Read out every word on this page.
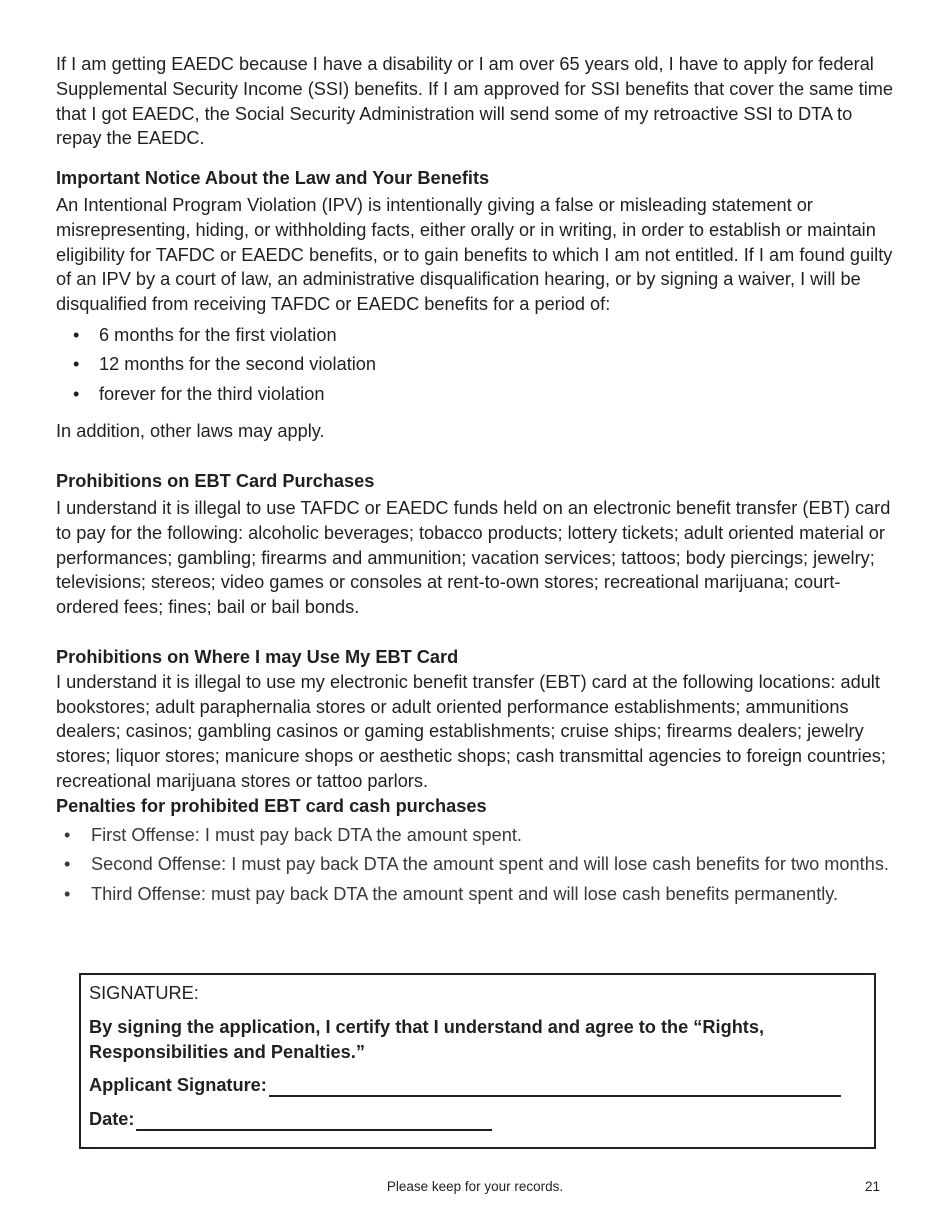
If I am getting EAEDC because I have a disability or I am over 65 years old, I have to apply for federal Supplemental Security Income (SSI) benefits. If I am approved for SSI benefits that cover the same time that I got EAEDC, the Social Security Administration will send some of my retroactive SSI to DTA to repay the EAEDC.

Important Notice About the Law and Your Benefits

An Intentional Program Violation (IPV) is intentionally giving a false or misleading statement or misrepresenting, hiding, or withholding facts, either orally or in writing, in order to establish or maintain eligibility for TAFDC or EAEDC benefits, or to gain benefits to which I am not entitled. If I am found guilty of an IPV by a court of law, an administrative disqualification hearing, or by signing a waiver, I will be disqualified from receiving TAFDC or EAEDC benefits for a period of:

• 6 months for the first violation
• 12 months for the second violation
• forever for the third violation

In addition, other laws may apply.

Prohibitions on EBT Card Purchases

I understand it is illegal to use TAFDC or EAEDC funds held on an electronic benefit transfer (EBT) card to pay for the following: alcoholic beverages; tobacco products; lottery tickets; adult oriented material or performances; gambling; firearms and ammunition; vacation services; tattoos; body piercings; jewelry; televisions; stereos; video games or consoles at rent-to-own stores; recreational marijuana; court-ordered fees; fines; bail or bail bonds.

Prohibitions on Where I may Use My EBT Card

I understand it is illegal to use my electronic benefit transfer (EBT) card at the following locations: adult bookstores; adult paraphernalia stores or adult oriented performance establishments; ammunitions dealers; casinos; gambling casinos or gaming establishments; cruise ships; firearms dealers; jewelry stores; liquor stores; manicure shops or aesthetic shops; cash transmittal agencies to foreign countries; recreational marijuana stores or tattoo parlors.

Penalties for prohibited EBT card cash purchases
• First Offense: I must pay back DTA the amount spent.
• Second Offense: I must pay back DTA the amount spent and will lose cash benefits for two months.
• Third Offense: must pay back DTA the amount spent and will lose cash benefits permanently.
SIGNATURE:
By signing the application, I certify that I understand and agree to the “Rights, Responsibilities and Penalties.”
Applicant Signature:
Date:
Please keep for your records.	21
